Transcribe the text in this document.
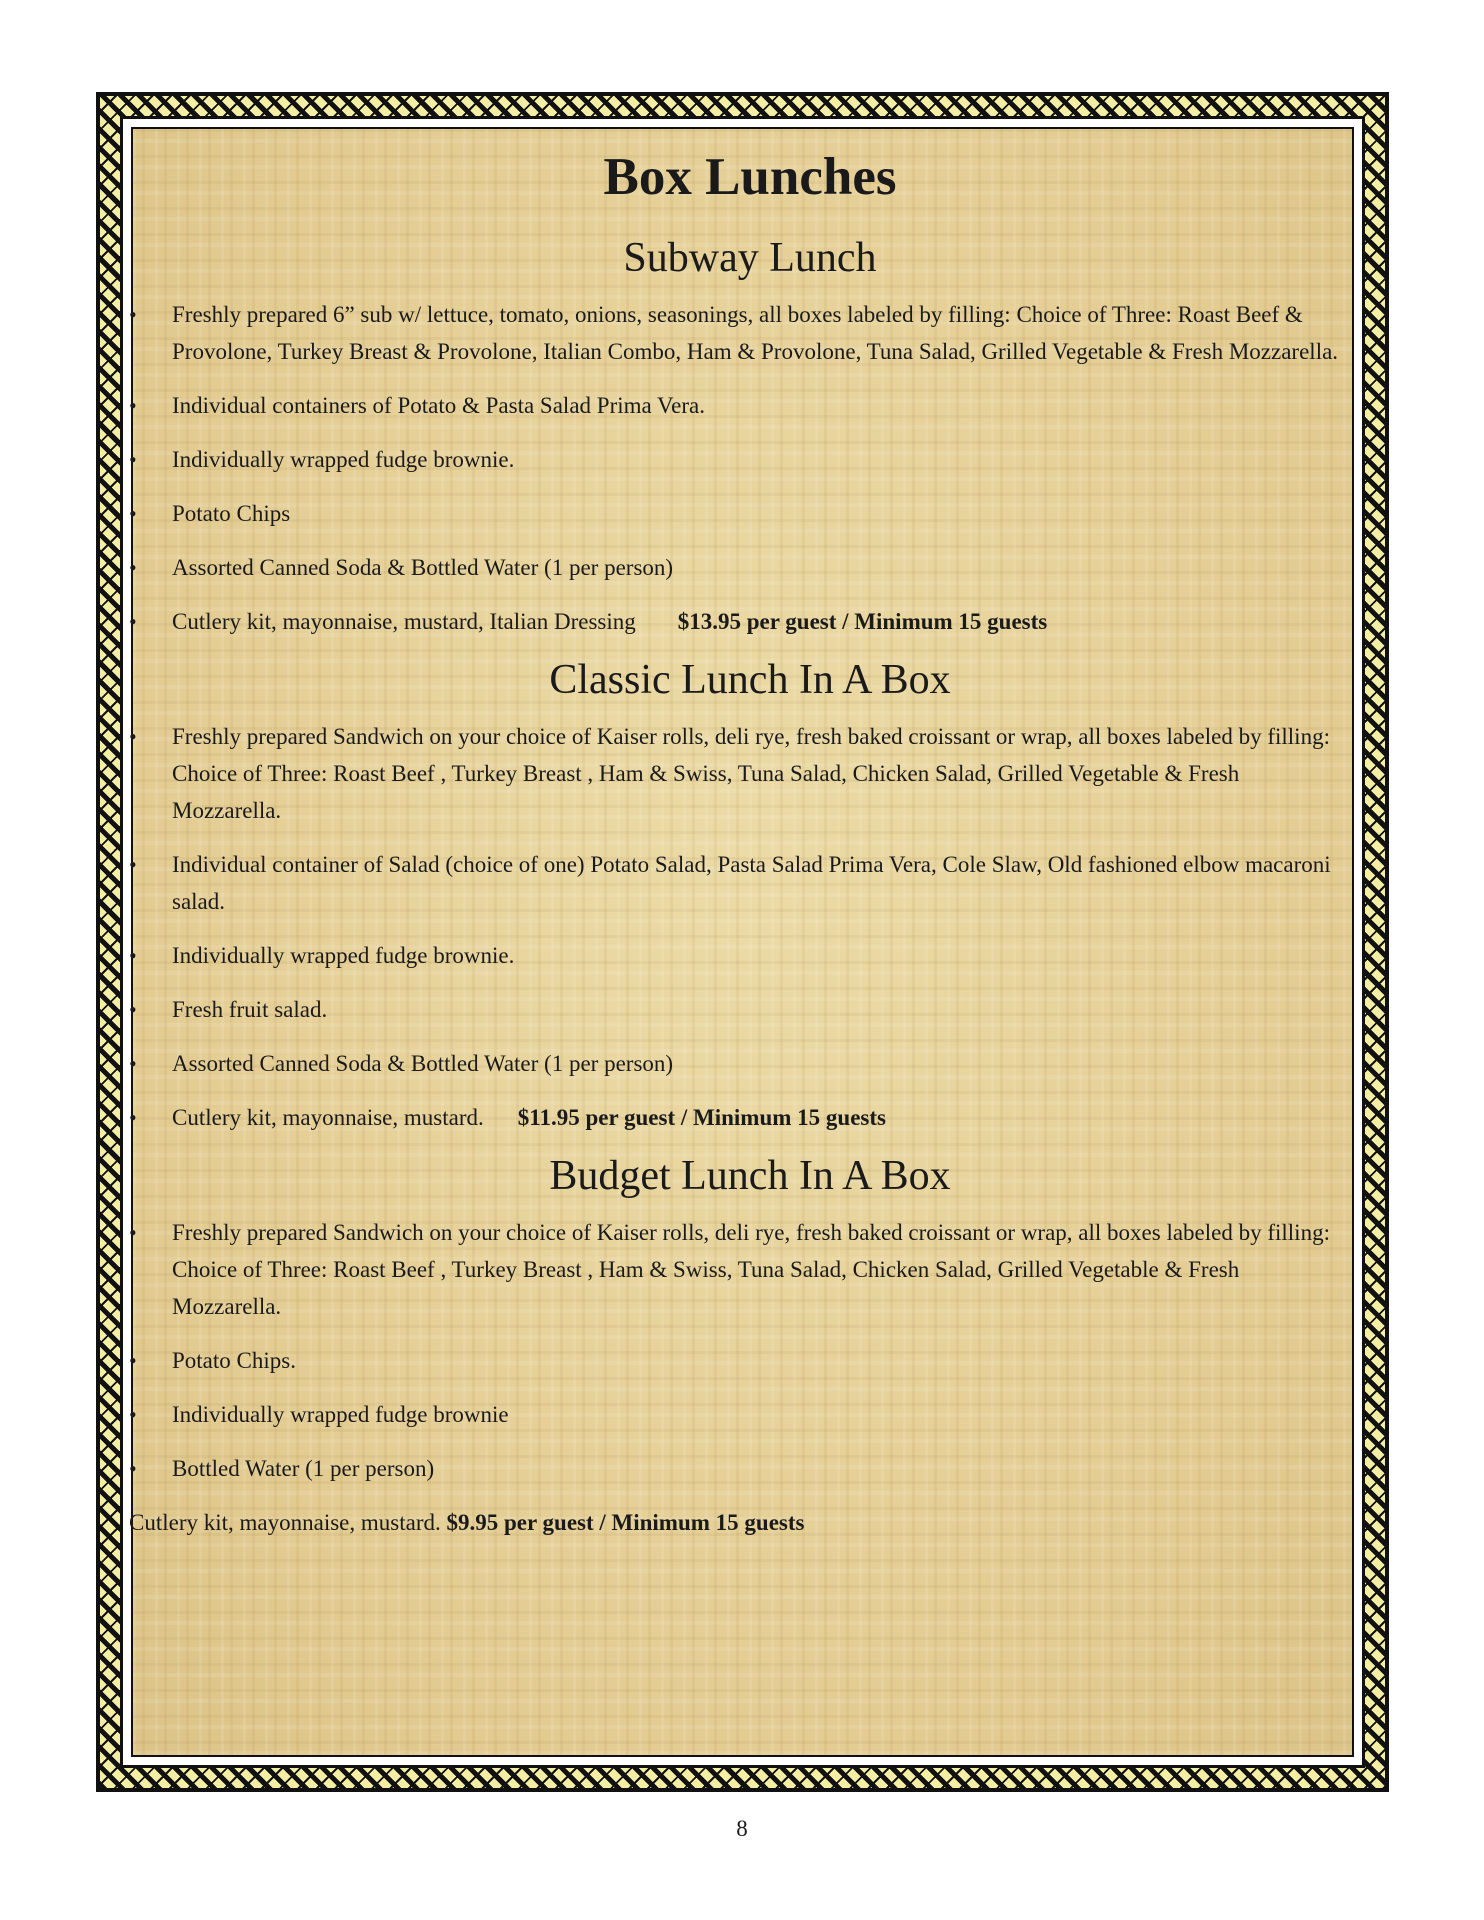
Box Lunches
Subway Lunch
• Freshly prepared 6” sub w/ lettuce, tomato, onions, seasonings, all boxes labeled by filling: Choice of Three: Roast Beef & Provolone, Turkey Breast & Provolone, Italian Combo, Ham & Provolone, Tuna Salad, Grilled Vegetable & Fresh Mozzarella.
• Individual containers of Potato & Pasta Salad Prima Vera.
• Individually wrapped fudge brownie.
• Potato Chips
• Assorted Canned Soda & Bottled Water (1 per person)
• Cutlery kit, mayonnaise, mustard, Italian Dressing $13.95 per guest / Minimum 15 guests
Classic Lunch In A Box
• Freshly prepared Sandwich on your choice of Kaiser rolls, deli rye, fresh baked croissant or wrap, all boxes labeled by filling: Choice of Three: Roast Beef , Turkey Breast , Ham & Swiss, Tuna Salad, Chicken Salad, Grilled Vegetable & Fresh Mozzarella.
• Individual container of Salad (choice of one) Potato Salad, Pasta Salad Prima Vera, Cole Slaw, Old fashioned elbow macaroni salad.
• Individually wrapped fudge brownie.
• Fresh fruit salad.
• Assorted Canned Soda & Bottled Water (1 per person)
• Cutlery kit, mayonnaise, mustard. $11.95 per guest / Minimum 15 guests
Budget Lunch In A Box
• Freshly prepared Sandwich on your choice of Kaiser rolls, deli rye, fresh baked croissant or wrap, all boxes labeled by filling: Choice of Three: Roast Beef , Turkey Breast , Ham & Swiss, Tuna Salad, Chicken Salad, Grilled Vegetable & Fresh Mozzarella.
• Potato Chips.
• Individually wrapped fudge brownie
• Bottled Water (1 per person)
Cutlery kit, mayonnaise, mustard. $9.95 per guest / Minimum 15 guests
8
